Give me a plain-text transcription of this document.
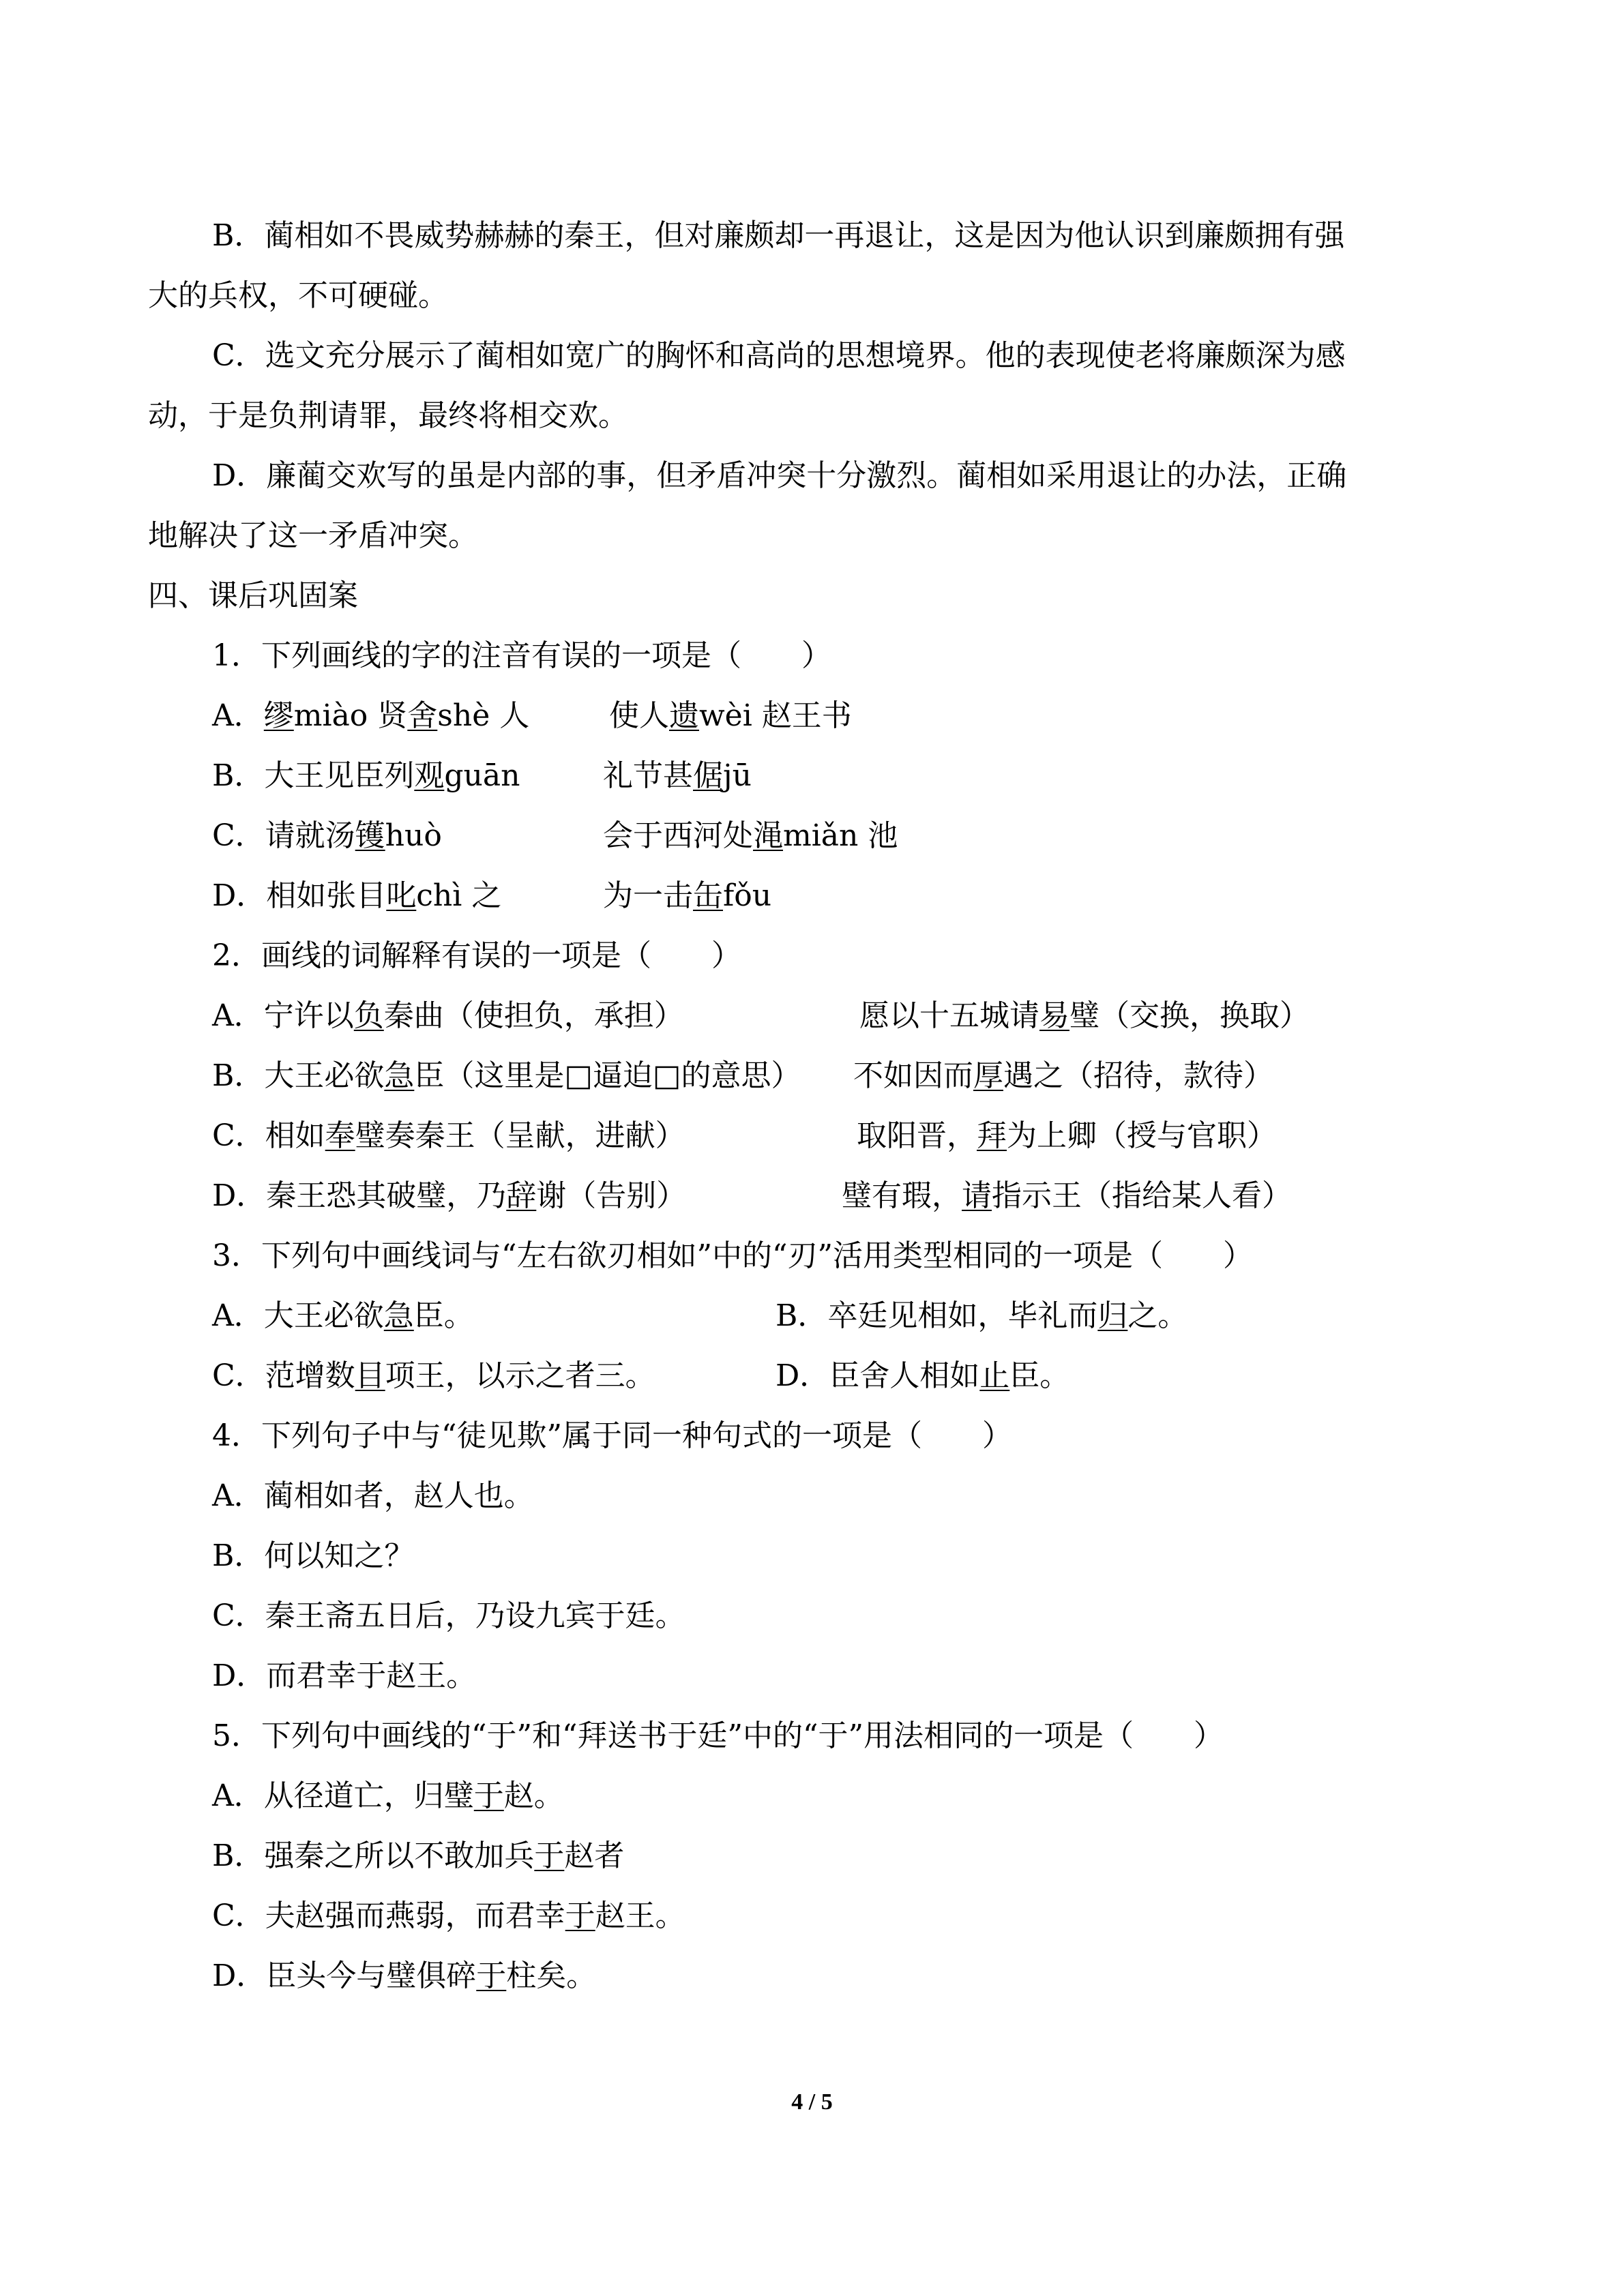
B．蔺相如不畏威势赫赫的秦王，但对廉颇却一再退让，这是因为他认识到廉颇拥有强
大的兵权，不可硬碰。
C．选文充分展示了蔺相如宽广的胸怀和高尚的思想境界。他的表现使老将廉颇深为感
动，于是负荆请罪，最终将相交欢。
D．廉蔺交欢写的虽是内部的事，但矛盾冲突十分激烈。蔺相如采用退让的办法，正确
地解决了这一矛盾冲突。
四、课后巩固案
1．下列画线的字的注音有误的一项是（　　）
A．缪miào 贤舍shè 人	使人遗wèi 赵王书
B．大王见臣列观guān	礼节甚倨jū
C．请就汤镬huò	会于西河处渑miǎn 池
D．相如张目叱chì 之	为一击缶fǒu
2．画线的词解释有误的一项是（　　）
A．宁许以负秦曲（使担负，承担）	愿以十五城请易璧（交换，换取）
B．大王必欲急臣（这里是□逼迫□的意思） 不如因而厚遇之（招待，款待）
C．相如奉璧奏秦王（呈献，进献）	取阳晋，拜为上卿（授与官职）
D．秦王恐其破璧，乃辞谢（告别）	璧有瑕，请指示王（指给某人看）
3．下列句中画线词与“左右欲刃相如”中的“刃”活用类型相同的一项是（　　）
A．大王必欲急臣。	B．卒廷见相如，毕礼而归之。
C．范增数目项王，以示之者三。	D．臣舍人相如止臣。
4．下列句子中与“徒见欺”属于同一种句式的一项是（　　）
A．蔺相如者，赵人也。
B．何以知之？
C．秦王斋五日后，乃设九宾于廷。
D．而君幸于赵王。
5．下列句中画线的“于”和“拜送书于廷”中的“于”用法相同的一项是（　　）
A．从径道亡，归璧于赵。
B．强秦之所以不敢加兵于赵者
C．夫赵强而燕弱，而君幸于赵王。
D．臣头今与璧俱碎于柱矣。
4 / 5
